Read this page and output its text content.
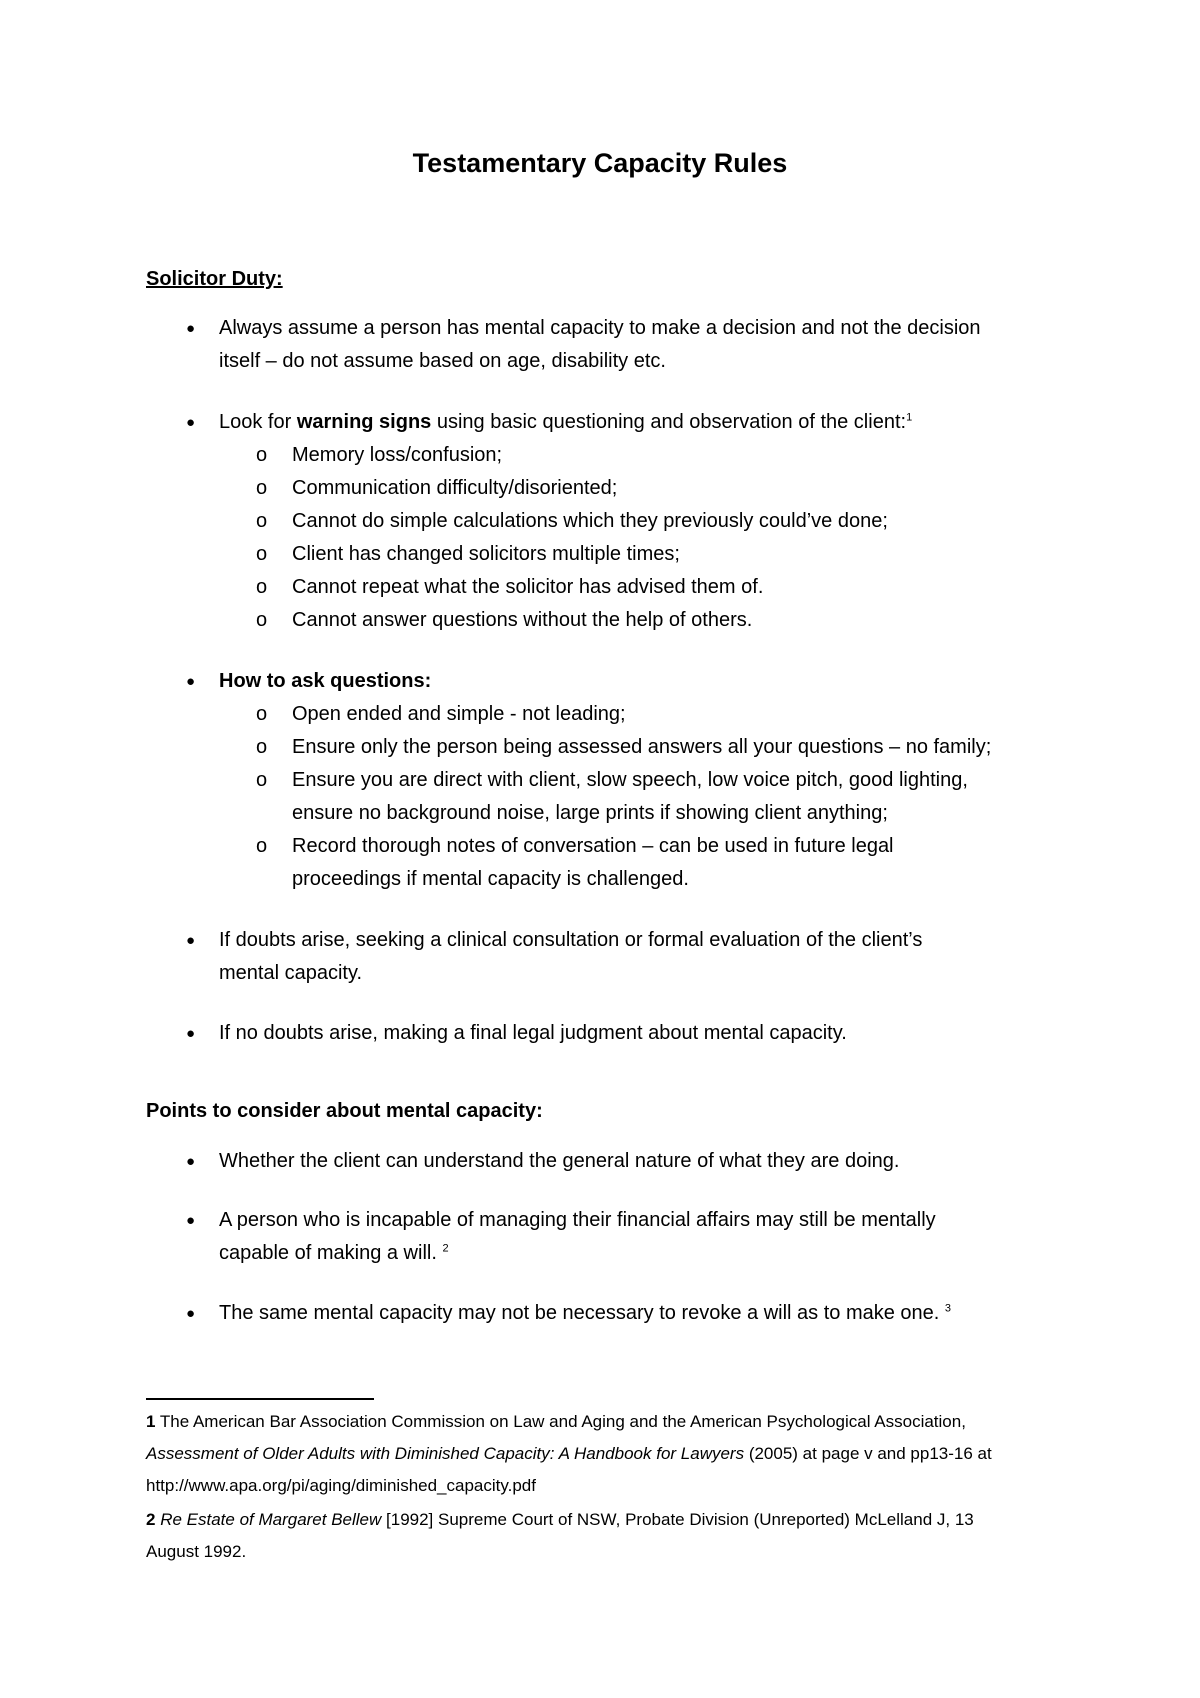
Testamentary Capacity Rules
Solicitor Duty:
● Always assume a person has mental capacity to make a decision and not the decision
itself – do not assume based on age, disability etc.
● Look for warning signs using basic questioning and observation of the client:$^1$
o Memory loss/confusion;
o Communication difficulty/disoriented;
o Cannot do simple calculations which they previously could’ve done;
o Client has changed solicitors multiple times;
o Cannot repeat what the solicitor has advised them of.
o Cannot answer questions without the help of others.
● How to ask questions:
o Open ended and simple - not leading;
o Ensure only the person being assessed answers all your questions – no family;
o Ensure you are direct with client, slow speech, low voice pitch, good lighting,
ensure no background noise, large prints if showing client anything;
o Record thorough notes of conversation – can be used in future legal
proceedings if mental capacity is challenged.
● If doubts arise, seeking a clinical consultation or formal evaluation of the client’s
mental capacity.
● If no doubts arise, making a final legal judgment about mental capacity.
Points to consider about mental capacity:
● Whether the client can understand the general nature of what they are doing.
● A person who is incapable of managing their financial affairs may still be mentally
capable of making a will. $^2$
● The same mental capacity may not be necessary to revoke a will as to make one. $^3$
1 The American Bar Association Commission on Law and Aging and the American Psychological Association,
Assessment of Older Adults with Diminished Capacity: A Handbook for Lawyers (2005) at page v and pp13-16 at
http://www.apa.org/pi/aging/diminished_capacity.pdf
2 Re Estate of Margaret Bellew [1992] Supreme Court of NSW, Probate Division (Unreported) McLelland J, 13
August 1992.
